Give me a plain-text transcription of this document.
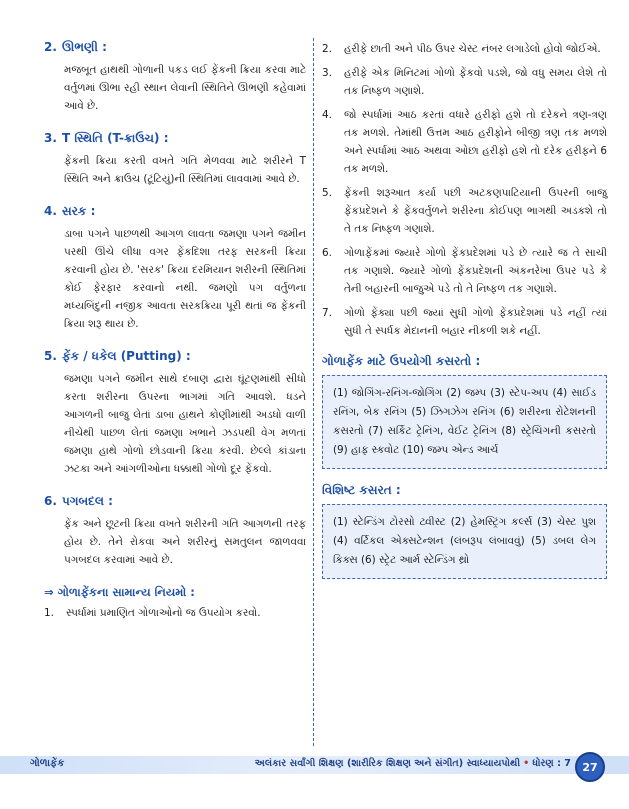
2. ઊભણી :

મજબૂત હાથથી ગોળાની પકડ લઈ ફેંકની ક્રિયા કરવા માટે વર્તુળમાં ઊભા રહી સ્થાન લેવાની સ્થિતિને ઊભણી કહેવામાં આવે છે.

3. T સ્થિતિ (T-ક્રાઉચ) :

ફેંકની ક્રિયા કરતી વખતે ગતિ મેળવવા માટે શરીરને T સ્થિતિ અને ક્રાઉચ (ટૂંટિયું)ની સ્થિતિમાં લાવવામાં આવે છે.

4. સરક :

ડાબા પગને પાછળથી આગળ લાવતા જમણા પગને જમીન પરથી ઊંચે લીધા વગર ફેંકદિશા તરફ સરકની ક્રિયા કરવાની હોય છે. 'સરક' ક્રિયા દરમિયાન શરીરની સ્થિતિમાં કોઈ ફેરફાર કરવાનો નથી. જમણો પગ વર્તુળના મધ્યબિંદુની નજીક આવતા સરકક્રિયા પૂરી થતાં જ ફેંકની ક્રિયા શરૂ થાય છે.

5. ફેંક / ધકેલ (Putting) :

જમણા પગને જમીન સાથે દબાણ દ્વારા ઘૂંટણમાંથી સીધો કરતા શરીરના ઉપરના ભાગમાં ગતિ આવશે. ધડને આગળની બાજુ લેતાં ડાબા હાથને કોણીમાંથી અડધો વાળી નીચેથી પાછળ લેતાં જમણા ખભાને ઝડપથી વેગ મળતાં જમણા હાથે ગોળો છોડવાની ક્રિયા કરવી. છેલ્લે કાંડાના ઝટકા અને આંગળીઓના ધક્કાથી ગોળો દૂર ફેંકવો.

6. પગબદલ :

ફેંક અને છૂટની ક્રિયા વખતે શરીરની ગતિ આગળની તરફ હોય છે. તેને રોકવા અને શરીરનું સમતુલન જાળવવા પગબદલ કરવામાં આવે છે.

⇒ ગોળાફેંકના સામાન્ય નિયમો :
1.	સ્પર્ધામાં પ્રમાણિત ગોળાઓનો જ ઉપયોગ કરવો.
2.	હરીફે છાતી અને પીઠ ઉપર ચેસ્ટ નંબર લગાડેલો હોવો જોઈએ.
3.	હરીફે એક મિનિટમાં ગોળો ફેંકવો પડશે, જો વધુ સમય લેશે તો તક નિષ્ફળ ગણાશે.
4.	જો સ્પર્ધામાં આઠ કરતાં વધારે હરીફો હશે તો દરેકને ત્રણ-ત્રણ તક મળશે. તેમાંથી ઉત્તમ આઠ હરીફોને બીજી ત્રણ તક મળશે અને સ્પર્ધામાં આઠ અથવા ઓછા હરીફો હશે તો દરેક હરીફને 6 તક મળશે.
5.	ફેંકની શરૂઆત કર્યા પછી અટકણપાટિયાની ઉપરની બાજુ ફેંકપ્રદેશને કે ફેંકવર્તુળને શરીરના કોઈપણ ભાગથી અડકશે તો તે તક નિષ્ફળ ગણાશે.
6.	ગોળાફેંકમાં જ્યારે ગોળો ફેંકપ્રદેશમાં પડે છે ત્યારે જ તે સાચી તક ગણાશે. જ્યારે ગોળો ફેંકપ્રદેશની અંકનરેખા ઉપર પડે કે તેની બહારની બાજુએ પડે તો તે નિષ્ફળ તક ગણાશે.
7.	ગોળો ફેંક્યા પછી જ્યાં સુધી ગોળો ફેંકપ્રદેશમાં પડે નહીં ત્યાં સુધી તે સ્પર્ધક મેદાનની બહાર નીકળી શકે નહીં.
ગોળાફેંક માટે ઉપયોગી કસરતો :
(1) જોગિંગ-રનિંગ-જોગિંગ (2) જમ્પ (3) સ્ટેપ-અપ (4) સાઈડ રનિંગ, બેક રનિંગ (5) ઝિગઝેગ રનિંગ (6) શરીરના રોટેશનની કસરતો (7) સર્કિટ ટ્રેનિંગ, વેઈટ ટ્રેનિંગ (8) સ્ટ્રેચિંગની કસરતો (9) હાફ સ્કવોટ (10) જમ્પ એન્ડ આર્ચ
વિશિષ્ટ કસરત :
(1) સ્ટેન્ડિંગ ટોરસો ટ્વીસ્ટ (2) હેમસ્ટ્રિંગ કર્લ્સ (3) ચેસ્ટ પુશ (4) વર્ટિકલ એક્સટેન્શન (લંબરૂપ લંબાવવું) (5) ડબલ લેગ કિક્સ (6) સ્ટ્રેટ આર્મ સ્ટેન્ડિંગ થ્રો
ગોળાફેંક	અલંકાર સર્વાંગી શિક્ષણ (શારીરિક શિક્ષણ અને સંગીત) સ્વાધ્યાયપોથી • ધોરણ : 7	27
